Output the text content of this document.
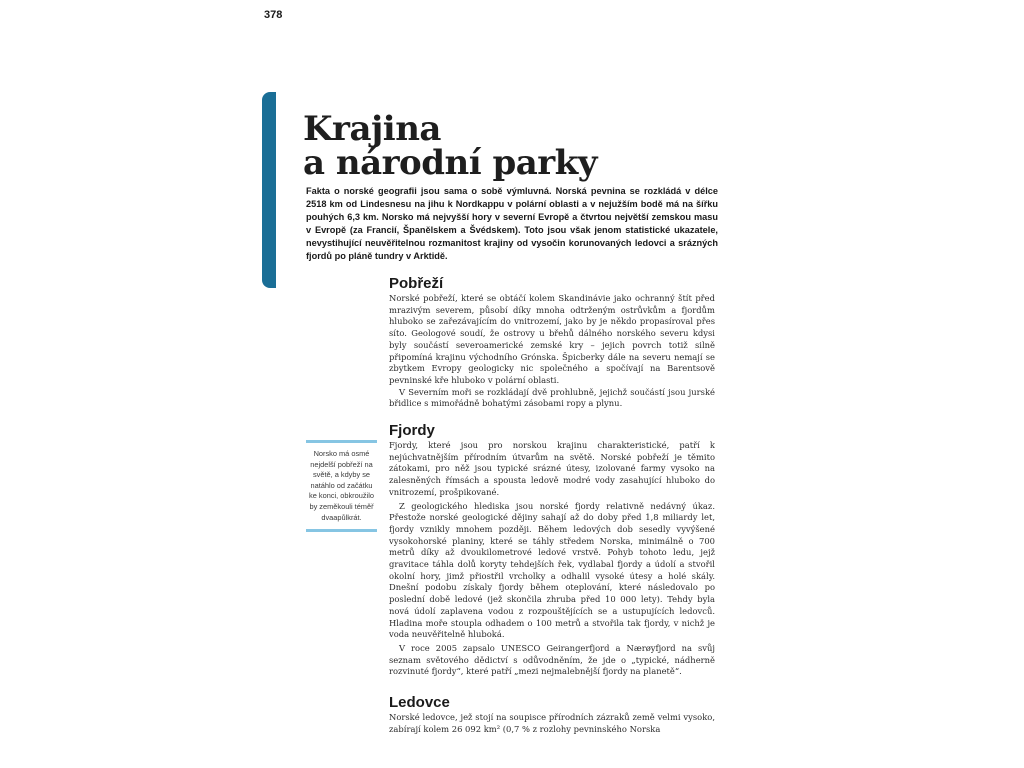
378
Krajina
a národní parky

Fakta o norské geografii jsou sama o sobě výmluvná. Norská pevnina se rozkládá v délce 2518 km od Lindesnesu na jihu k Nordkappu v polární oblasti a v nejužším bodě má na šířku pouhých 6,3 km. Norsko má nejvyšší hory v severní Evropě a čtvrtou největší zemskou masu v Evropě (za Francií, Španělskem a Švédskem). Toto jsou však jenom statistické ukazatele, nevystihující neuvěřitelnou rozmanitost krajiny od vysočin korunovaných ledovci a srázných fjordů po pláně tundry v Arktidě.

Pobřeží

Norské pobřeží, které se obtáčí kolem Skandinávie jako ochranný štít před mrazivým severem, působí díky mnoha odtrženým ostrůvkům a fjordům hluboko se zařezávajícím do vnitrozemí, jako by je někdo propasíroval přes síto. Geologové soudí, že ostrovy u břehů dálného norského severu kdysi byly součástí severoamerické zemské kry – jejich povrch totiž silně připomíná krajinu východního Grónska. Špicberky dále na severu nemají se zbytkem Evropy geologicky nic společného a spočívají na Barentsově pevninské kře hluboko v polární oblasti.

V Severním moři se rozkládají dvě prohlubně, jejichž součástí jsou jurské břidlice s mimořádně bohatými zásobami ropy a plynu.

Fjordy

Fjordy, které jsou pro norskou krajinu charakteristické, patří k nejúchvatnějším přírodním útvarům na světě. Norské pobřeží je těmito zátokami, pro něž jsou typické srázné útesy, izolované farmy vysoko na zalesněných římsách a spousta ledově modré vody zasahující hluboko do vnitrozemí, prošpikované.

Z geologického hlediska jsou norské fjordy relativně nedávný úkaz. Přestože norské geologické dějiny sahají až do doby před 1,8 miliardy let, fjordy vznikly mnohem později. Během ledových dob sesedly vyvýšené vysokohorské planiny, které se táhly středem Norska, minimálně o 700 metrů díky až dvoukilometrové ledové vrstvě. Pohyb tohoto ledu, jejž gravitace táhla dolů koryty tehdejších řek, vydlabal fjordy a údolí a stvořil okolní hory, jimž přiostřil vrcholky a odhalil vysoké útesy a holé skály. Dnešní podobu získaly fjordy během oteplování, které následovalo po poslední době ledové (jež skončila zhruba před 10 000 lety). Tehdy byla nová údolí zaplavena vodou z rozpouštějících se a ustupujících ledovců. Hladina moře stoupla odhadem o 100 metrů a stvořila tak fjordy, v nichž je voda neuvěřitelně hluboká.

V roce 2005 zapsalo UNESCO Geirangerfjord a Nærøyfjord na svůj seznam světového dědictví s odůvodněním, že jde o „typické, nádherně rozvinuté fjordy“, které patří „mezi nejmalebnější fjordy na planetě“.

Ledovce

Norské ledovce, jež stojí na soupisce přírodních zázraků země velmi vysoko, zabírají kolem 26 092 km² (0,7 % z rozlohy pevninského Norska

Norsko má osmé nejdelší pobřeží na světě, a kdyby se natáhlo od začátku ke konci, obkroužilo by zeměkouli téměř dvaapůlkrát.
